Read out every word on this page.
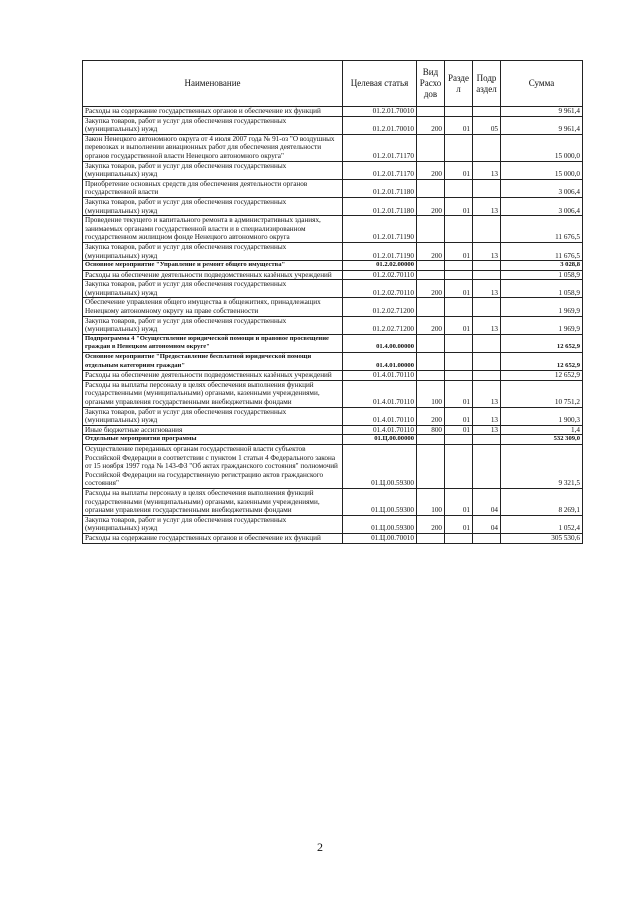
Наименование	Целевая статья	Вид Расхо дов	Разде л	Подр аздел	Сумма
Расходы на содержание государственных органов и обеспечение их функций	01.2.01.70010				9 961,4
Закупка товаров, работ и услуг для обеспечения государственных (муниципальных) нужд	01.2.01.70010	200	01	05	9 961,4
Закон Ненецкого автономного округа от 4 июля 2007 года № 91-оз "О воздушных перевозках и выполнении авиационных работ для обеспечения деятельности органов государственной власти Ненецкого автономного округа"	01.2.01.71170				15 000,0
Закупка товаров, работ и услуг для обеспечения государственных (муниципальных) нужд	01.2.01.71170	200	01	13	15 000,0
Приобретение основных средств для обеспечения деятельности органов государственной власти	01.2.01.71180				3 006,4
Закупка товаров, работ и услуг для обеспечения государственных (муниципальных) нужд	01.2.01.71180	200	01	13	3 006,4
Проведение текущего и капитального ремонта в административных зданиях, занимаемых органами государственной власти и в специализированном государственном жилищном фонде Ненецкого автономного округа	01.2.01.71190				11 676,5
Закупка товаров, работ и услуг для обеспечения государственных (муниципальных) нужд	01.2.01.71190	200	01	13	11 676,5
Основное мероприятие "Управление и ремонт общего имущества"	01.2.02.00000				3 028,8
Расходы на обеспечение деятельности подведомственных казённых учреждений	01.2.02.70110				1 058,9
Закупка товаров, работ и услуг для обеспечения государственных (муниципальных) нужд	01.2.02.70110	200	01	13	1 058,9
Обеспечение управления общего имущества в общежитиях, принадлежащих Ненецкому автономному округу на праве собственности	01.2.02.71200				1 969,9
Закупка товаров, работ и услуг для обеспечения государственных (муниципальных) нужд	01.2.02.71200	200	01	13	1 969,9
Подпрограмма 4 "Осуществление юридической помощи и правовое просвещение граждан в Ненецком автономном округе"	01.4.00.00000				12 652,9
Основное мероприятие "Предоставление бесплатной юридической помощи отдельным категориям граждан"	01.4.01.00000				12 652,9
Расходы на обеспечение деятельности подведомственных казённых учреждений	01.4.01.70110				12 652,9
Расходы на выплаты персоналу в целях обеспечения выполнения функций государственными (муниципальными) органами, казенными учреждениями, органами управления государственными внебюджетными фондами	01.4.01.70110	100	01	13	10 751,2
Закупка товаров, работ и услуг для обеспечения государственных (муниципальных) нужд	01.4.01.70110	200	01	13	1 900,3
Иные бюджетные ассигнования	01.4.01.70110	800	01	13	1,4
Отдельные мероприятия программы	01.Ц.00.00000				532 309,0
Осуществление переданных органам государственной власти субъектов Российской Федерации в соответствии с пунктом 1 статьи 4 Федерального закона от 15 ноября 1997 года № 143-ФЗ "Об актах гражданского состояния" полномочий Российской Федерации на государственную регистрацию актов гражданского состояния"	01.Ц.00.59300				9 321,5
Расходы на выплаты персоналу в целях обеспечения выполнения функций государственными (муниципальными) органами, казенными учреждениями, органами управления государственными внебюджетными фондами	01.Ц.00.59300	100	01	04	8 269,1
Закупка товаров, работ и услуг для обеспечения государственных (муниципальных) нужд	01.Ц.00.59300	200	01	04	1 052,4
Расходы на содержание государственных органов и обеспечение их функций	01.Ц.00.70010				305 530,6
2
